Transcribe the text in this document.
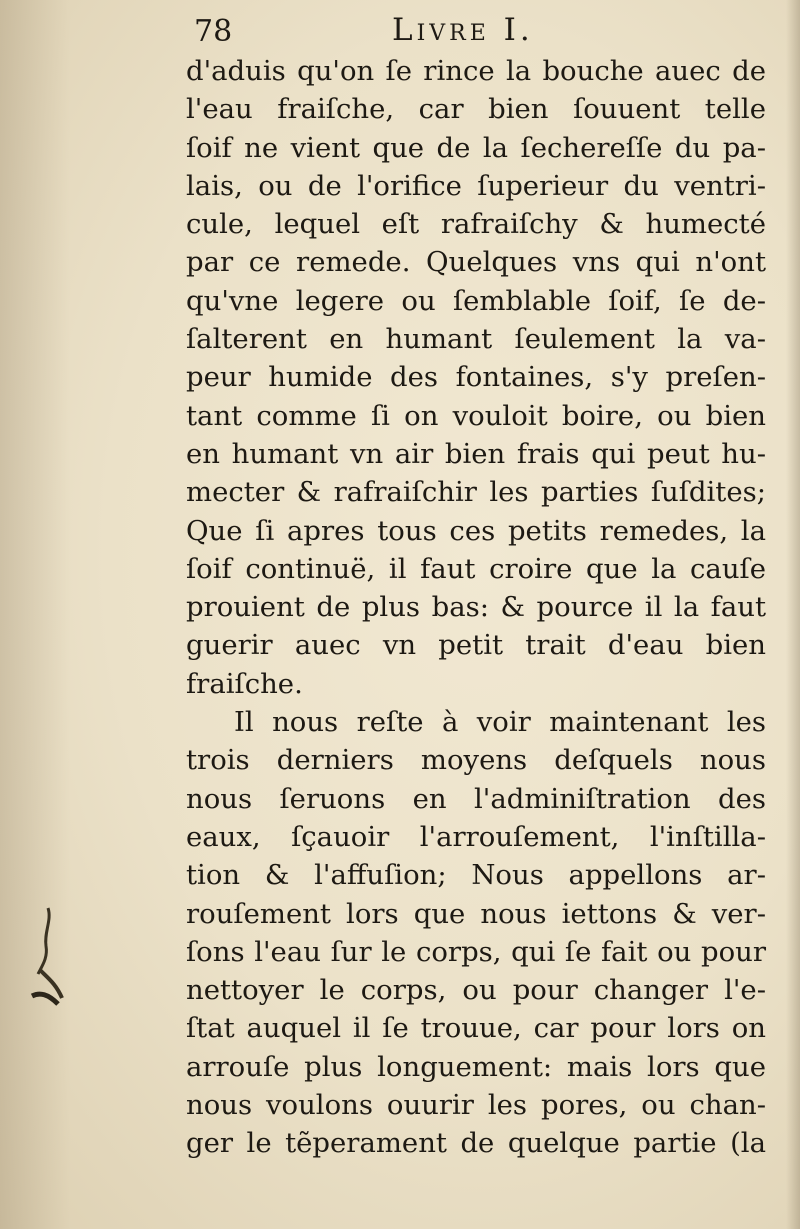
78	Livre I.
d'aduis qu'on ſe rince la bouche auec de
l'eau fraiſche, car bien ſouuent telle
ſoif ne vient que de la ſechereſſe du pa-
lais, ou de l'orifice ſuperieur du ventri-
cule, lequel eſt rafraiſchy & humecté
par ce remede. Quelques vns qui n'ont
qu'vne legere ou ſemblable ſoif, ſe de-
ſalterent en humant ſeulement la va-
peur humide des fontaines, s'y preſen-
tant comme ſi on vouloit boire, ou bien
en humant vn air bien frais qui peut hu-
mecter & rafraiſchir les parties ſuſdites;
Que ſi apres tous ces petits remedes, la
ſoif continuë, il faut croire que la cauſe
prouient de plus bas: & pource il la faut
guerir auec vn petit trait d'eau bien
fraiſche.
Il nous reſte à voir maintenant les
trois derniers moyens deſquels nous
nous ſeruons en l'adminiſtration des
eaux, ſçauoir l'arrouſement, l'inſtilla-
tion & l'affuſion; Nous appellons ar-
rouſement lors que nous iettons & ver-
ſons l'eau ſur le corps, qui ſe fait ou pour
nettoyer le corps, ou pour changer l'e-
ſtat auquel il ſe trouue, car pour lors on
arrouſe plus longuement: mais lors que
nous voulons ouurir les pores, ou chan-
ger le tẽperament de quelque partie (la
